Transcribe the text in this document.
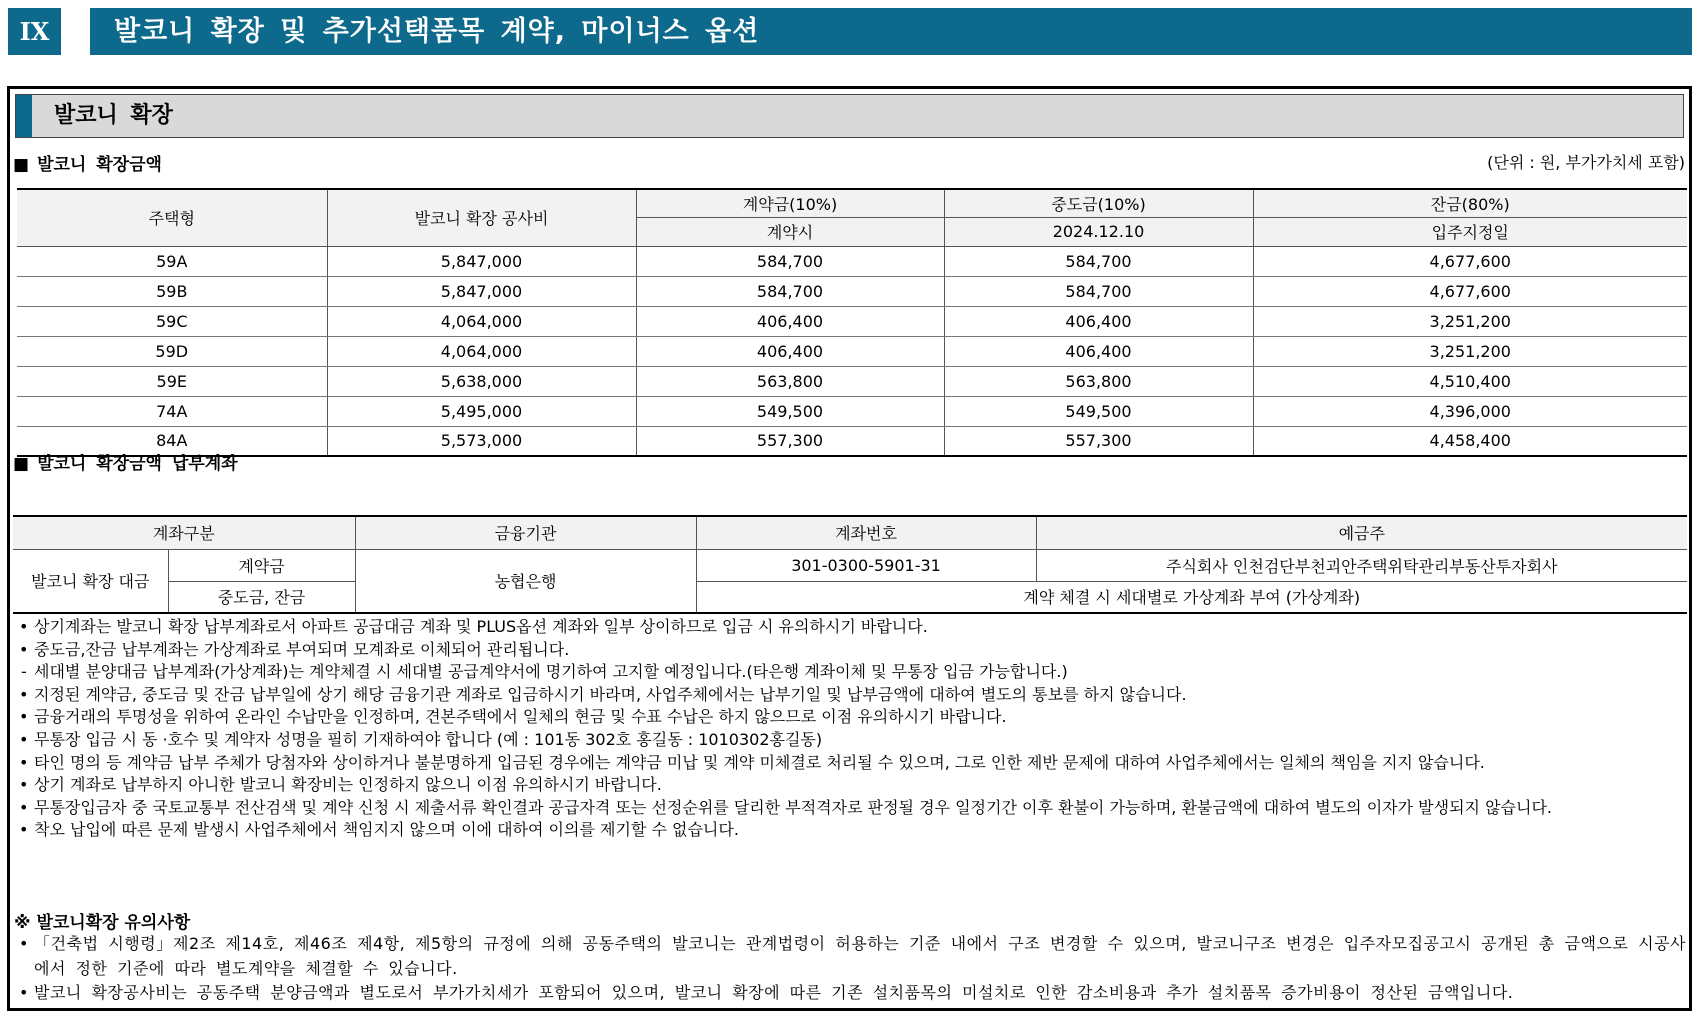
IX	발코니 확장 및 추가선택품목 계약, 마이너스 옵션
발코니 확장
■ 발코니 확장금액	(단위 : 원, 부가가치세 포함)
주택형	발코니 확장 공사비	계약금(10%)	중도금(10%)	잔금(80%)
		계약시	2024.12.10	입주지정일
59A	5,847,000	584,700	584,700	4,677,600
59B	5,847,000	584,700	584,700	4,677,600
59C	4,064,000	406,400	406,400	3,251,200
59D	4,064,000	406,400	406,400	3,251,200
59E	5,638,000	563,800	563,800	4,510,400
74A	5,495,000	549,500	549,500	4,396,000
84A	5,573,000	557,300	557,300	4,458,400
■ 발코니 확장금액 납부계좌
계좌구분		금융기관	계좌번호	예금주
발코니 확장 대금	계약금	농협은행	301-0300-5901-31	주식회사 인천검단부천괴안주택위탁관리부동산투자회사
	중도금, 잔금		계약 체결 시 세대별로 가상계좌 부여 (가상계좌)	
• 상기계좌는 발코니 확장 납부계좌로서 아파트 공급대금 계좌 및 PLUS옵션 계좌와 일부 상이하므로 입금 시 유의하시기 바랍니다.
• 중도금,잔금 납부계좌는 가상계좌로 부여되며 모계좌로 이체되어 관리됩니다.
- 세대별 분양대금 납부계좌(가상계좌)는 계약체결 시 세대별 공급계약서에 명기하여 고지할 예정입니다.(타은행 계좌이체 및 무통장 입금 가능합니다.)
• 지정된 계약금, 중도금 및 잔금 납부일에 상기 해당 금융기관 계좌로 입금하시기 바라며, 사업주체에서는 납부기일 및 납부금액에 대하여 별도의 통보를 하지 않습니다.
• 금융거래의 투명성을 위하여 온라인 수납만을 인정하며, 견본주택에서 일체의 현금 및 수표 수납은 하지 않으므로 이점 유의하시기 바랍니다.
• 무통장 입금 시 동 ·호수 및 계약자 성명을 필히 기재하여야 합니다 (예 : 101동 302호 홍길동 : 1010302홍길동)
• 타인 명의 등 계약금 납부 주체가 당첨자와 상이하거나 불분명하게 입금된 경우에는 계약금 미납 및 계약 미체결로 처리될 수 있으며, 그로 인한 제반 문제에 대하여 사업주체에서는 일체의 책임을 지지 않습니다.
• 상기 계좌로 납부하지 아니한 발코니 확장비는 인정하지 않으니 이점 유의하시기 바랍니다.
• 무통장입금자 중 국토교통부 전산검색 및 계약 신청 시 제출서류 확인결과 공급자격 또는 선정순위를 달리한 부적격자로 판정될 경우 일정기간 이후 환불이 가능하며, 환불금액에 대하여 별도의 이자가 발생되지 않습니다.
• 착오 납입에 따른 문제 발생시 사업주체에서 책임지지 않으며 이에 대하여 이의를 제기할 수 없습니다.
※ 발코니확장 유의사항
• 「건축법 시행령」제2조 제14호, 제46조 제4항, 제5항의 규정에 의해 공동주택의 발코니는 관계법령이 허용하는 기준 내에서 구조 변경할 수 있으며, 발코니구조 변경은 입주자모집공고시 공개된 총 금액으로 시공사에서 정한 기준에 따라 별도계약을 체결할 수 있습니다.
• 발코니 확장공사비는 공동주택 분양금액과 별도로서 부가가치세가 포함되어 있으며, 발코니 확장에 따른 기존 설치품목의 미설치로 인한 감소비용과 추가 설치품목 증가비용이 정산된 금액입니다.
